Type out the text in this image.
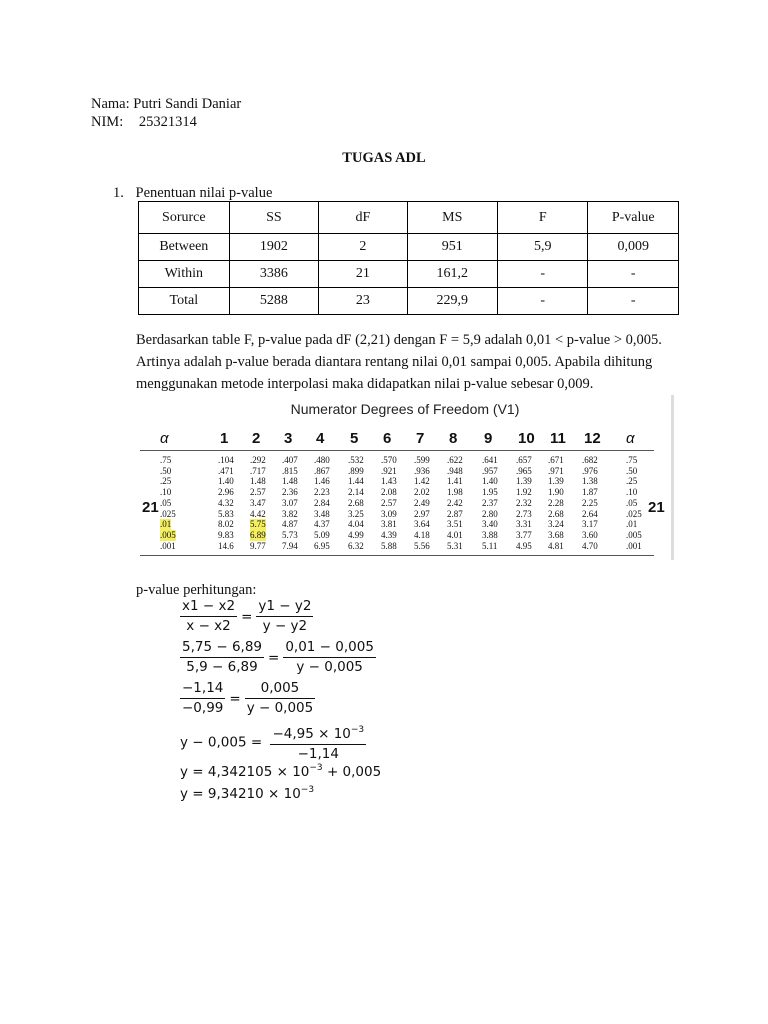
Nama: Putri Sandi Daniar
NIM: 25321314
TUGAS ADL
1. Penentuan nilai p-value
Sorurce	SS	dF	MS	F	P-value
Between	1902	2	951	5,9	0,009
Within	3386	21	161,2	-	-
Total	5288	23	229,9	-	-
Berdasarkan table F, p-value pada dF (2,21) dengan F = 5,9 adalah 0,01 < p-value > 0,005.
Artinya adalah p-value berada diantara rentang nilai 0,01 sampai 0,005. Apabila dihitung
menggunakan metode interpolasi maka didapatkan nilai p-value sebesar 0,009.
Numerator Degrees of Freedom (V1)
α	1 2 3 4 5 6 7 8 9 10 11 12 α
.75	.104 .292 .407 .480 .532 .570 .599 .622 .641 .657 .671 .682	.75
.50	.471 .717 .815 .867 .899 .921 .936 .948 .957 .965 .971 .976	.50
.25	1.40 1.48 1.48 1.46 1.44 1.43 1.42 1.41 1.40 1.39 1.39 1.38	.25
.10	2.96 2.57 2.36 2.23 2.14 2.08 2.02 1.98 1.95 1.92 1.90 1.87	.10
.05	4.32 3.47 3.07 2.84 2.68 2.57 2.49 2.42 2.37 2.32 2.28 2.25	.05
.025	5.83 4.42 3.82 3.48 3.25 3.09 2.97 2.87 2.80 2.73 2.68 2.64	.025
.01	8.02 5.75 4.87 4.37 4.04 3.81 3.64 3.51 3.40 3.31 3.24 3.17	.01
.005	9.83 6.89 5.73 5.09 4.99 4.39 4.18 4.01 3.88 3.77 3.68 3.60	.005
.001	14.6 9.77 7.94 6.95 6.32 5.88 5.56 5.31 5.11 4.95 4.81 4.70	.001
21	21
p-value perhitungan:
$\frac{x1 - x2}{x - x2} = \frac{y1 - y2}{y - y2}$
$\frac{5,75 - 6,89}{5,9 - 6,89} = \frac{0,01 - 0,005}{y - 0,005}$
$\frac{-1,14}{-0,99} = \frac{0,005}{y - 0,005}$
$y - 0,005 = \frac{-4,95 \times 10^{-3}}{-1,14}$
$y = 4,342105 \times 10^{-3} + 0,005$
$y = 9,34210 \times 10^{-3}$
